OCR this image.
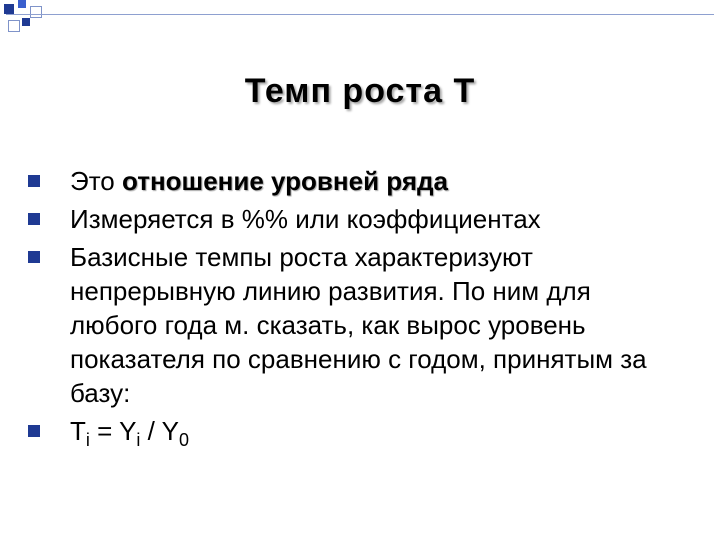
Темп роста Т
Это отношение уровней ряда
Измеряется в %% или коэффициентах
Базисные темпы роста характеризуют непрерывную линию развития. По ним для любого года м. сказать, как вырос уровень показателя по сравнению с годом, принятым за базу:
$T_i = Y_i / Y_0$
